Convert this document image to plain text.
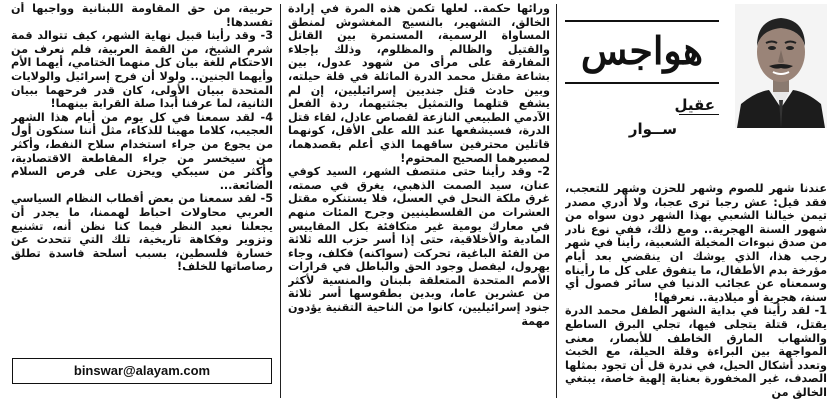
هواجس
عقيل
ســوار

عندنا شهر للصوم وشهر للحزن وشهر للتعجب، فقد قيل: عش رجبا ترى عجبا، ولا أدري مصدر تيمن خيالنا الشعبي بهذا الشهر دون سواه من شهور السنة الهجرية.. ومع ذلك، ففي نوع نادر من صدق نبوءات المخيلة الشعبية، رأينا في شهر رجب هذا، الذي يوشك ان ينقضي بعد أيام مؤرخة بدم الأطفال، ما يتفوق على كل ما رأيناه وسمعناه عن عجائب الدنيا في سائر فصول أي سنة، هجرية أو ميلادية.. نعرفها!
1- لقد رأينا في بداية الشهر الطفل محمد الدرة يقتل، قتلة يتجلى فيها، تجلي البرق الساطع والشهاب المارق الخاطف للأبصار، معنى المواجهة بين البراءة وقلة الحيلة، مع الخبث وتعدد أشكال الحيل، في ندرة قل أن تجود بمثلها الصدف، غير المخفورة بعناية إلهية خاصة، يبتغي الخالق من

ورائها حكمة.. لعلها تكمن هذه المرة في إرادة الخالق، التشهير، بالنسيج المغشوش لمنطق المساواة الرسمية، المستمرة بين القاتل والقتيل والظالم والمظلوم، وذلك بإجلاء المفارقة على مرأى من شهود عدول، بين بشاعة مقتل محمد الدرة الماثلة في قلة حيلته، وبين حادث قتل جنديين إسرائيليين، إن لم يشفع قتلهما والتمثيل بجثتيهما، ردة الفعل الآدمي الطبيعي النازعة لقصاص عادل، لقاء قتل الدرة، فسيشفعها عند الله على الأقل، كونهما قاتلين محترفين ساقهما الذي أعلم بقصدهما، لمصيرهما الصحيح المحتوم!
2- وقد رأينا حتى منتصف الشهر، السيد كوفي عنان، سيد الصمت الذهبي، يغرق في صمته، غرق ملكة النحل في العسل، فلا يستنكره مقتل العشرات من الفلسطينيين وجرح المئات منهم في معارك يومية غير متكافئة بكل المقاييس المادية والأخلاقية، حتى إذا أسر حزب الله ثلاثة من الفئة الباغية، تحركت (سواكنه) فكلف، وجاء يهرول، ليفصل وجود الحق والباطل في قرارات الأمم المتحدة المتعلقة بلبنان والمنسية لأكثر من عشرين عاما، وبدين بطقوسها أسر ثلاثة جنود إسرائيليين، كانوا من الناحية التقنية يؤدون مهمة

حربية، من حق المقاومة اللبنانية وواجبها أن تفسدها!
3- وقد رأينا قبيل نهاية الشهر، كيف تتوالد قمة شرم الشيخ، من القمة العربية، فلم نعرف من الاحتكام للغة بيان كل منهما الختامي، أيهما الأم وأيهما الجنين.. ولولا أن فرح إسرائيل والولايات المتحدة ببيان الأولى، كان قدر فرحهما ببيان الثانية، لما عرفنا أبدا صلة القرابة بينهما!
4- لقد سمعنا في كل يوم من أيام هذا الشهر العجيب، كلاما مهينا للذكاء، مثل أننا سنكون أول من يجوع من جراء استخدام سلاح النفط، وأكثر من سيخسر من جراء المقاطعة الاقتصادية، وأكثر من سيبكي ويحزن على فرص السلام الضائعة...
5- لقد سمعنا من بعض أقطاب النظام السياسي العربي محاولات احباط لهممنا، ما يجدر أن يجعلنا نعيد النظر فيما كنا نظن أنه، تشنيع وتزوير وفكاهة تاريخية، تلك التي تتحدث عن خسارة فلسطين، بسبب أسلحة فاسدة تطلق رصاصاتها للخلف!

binswar@alayam.com
